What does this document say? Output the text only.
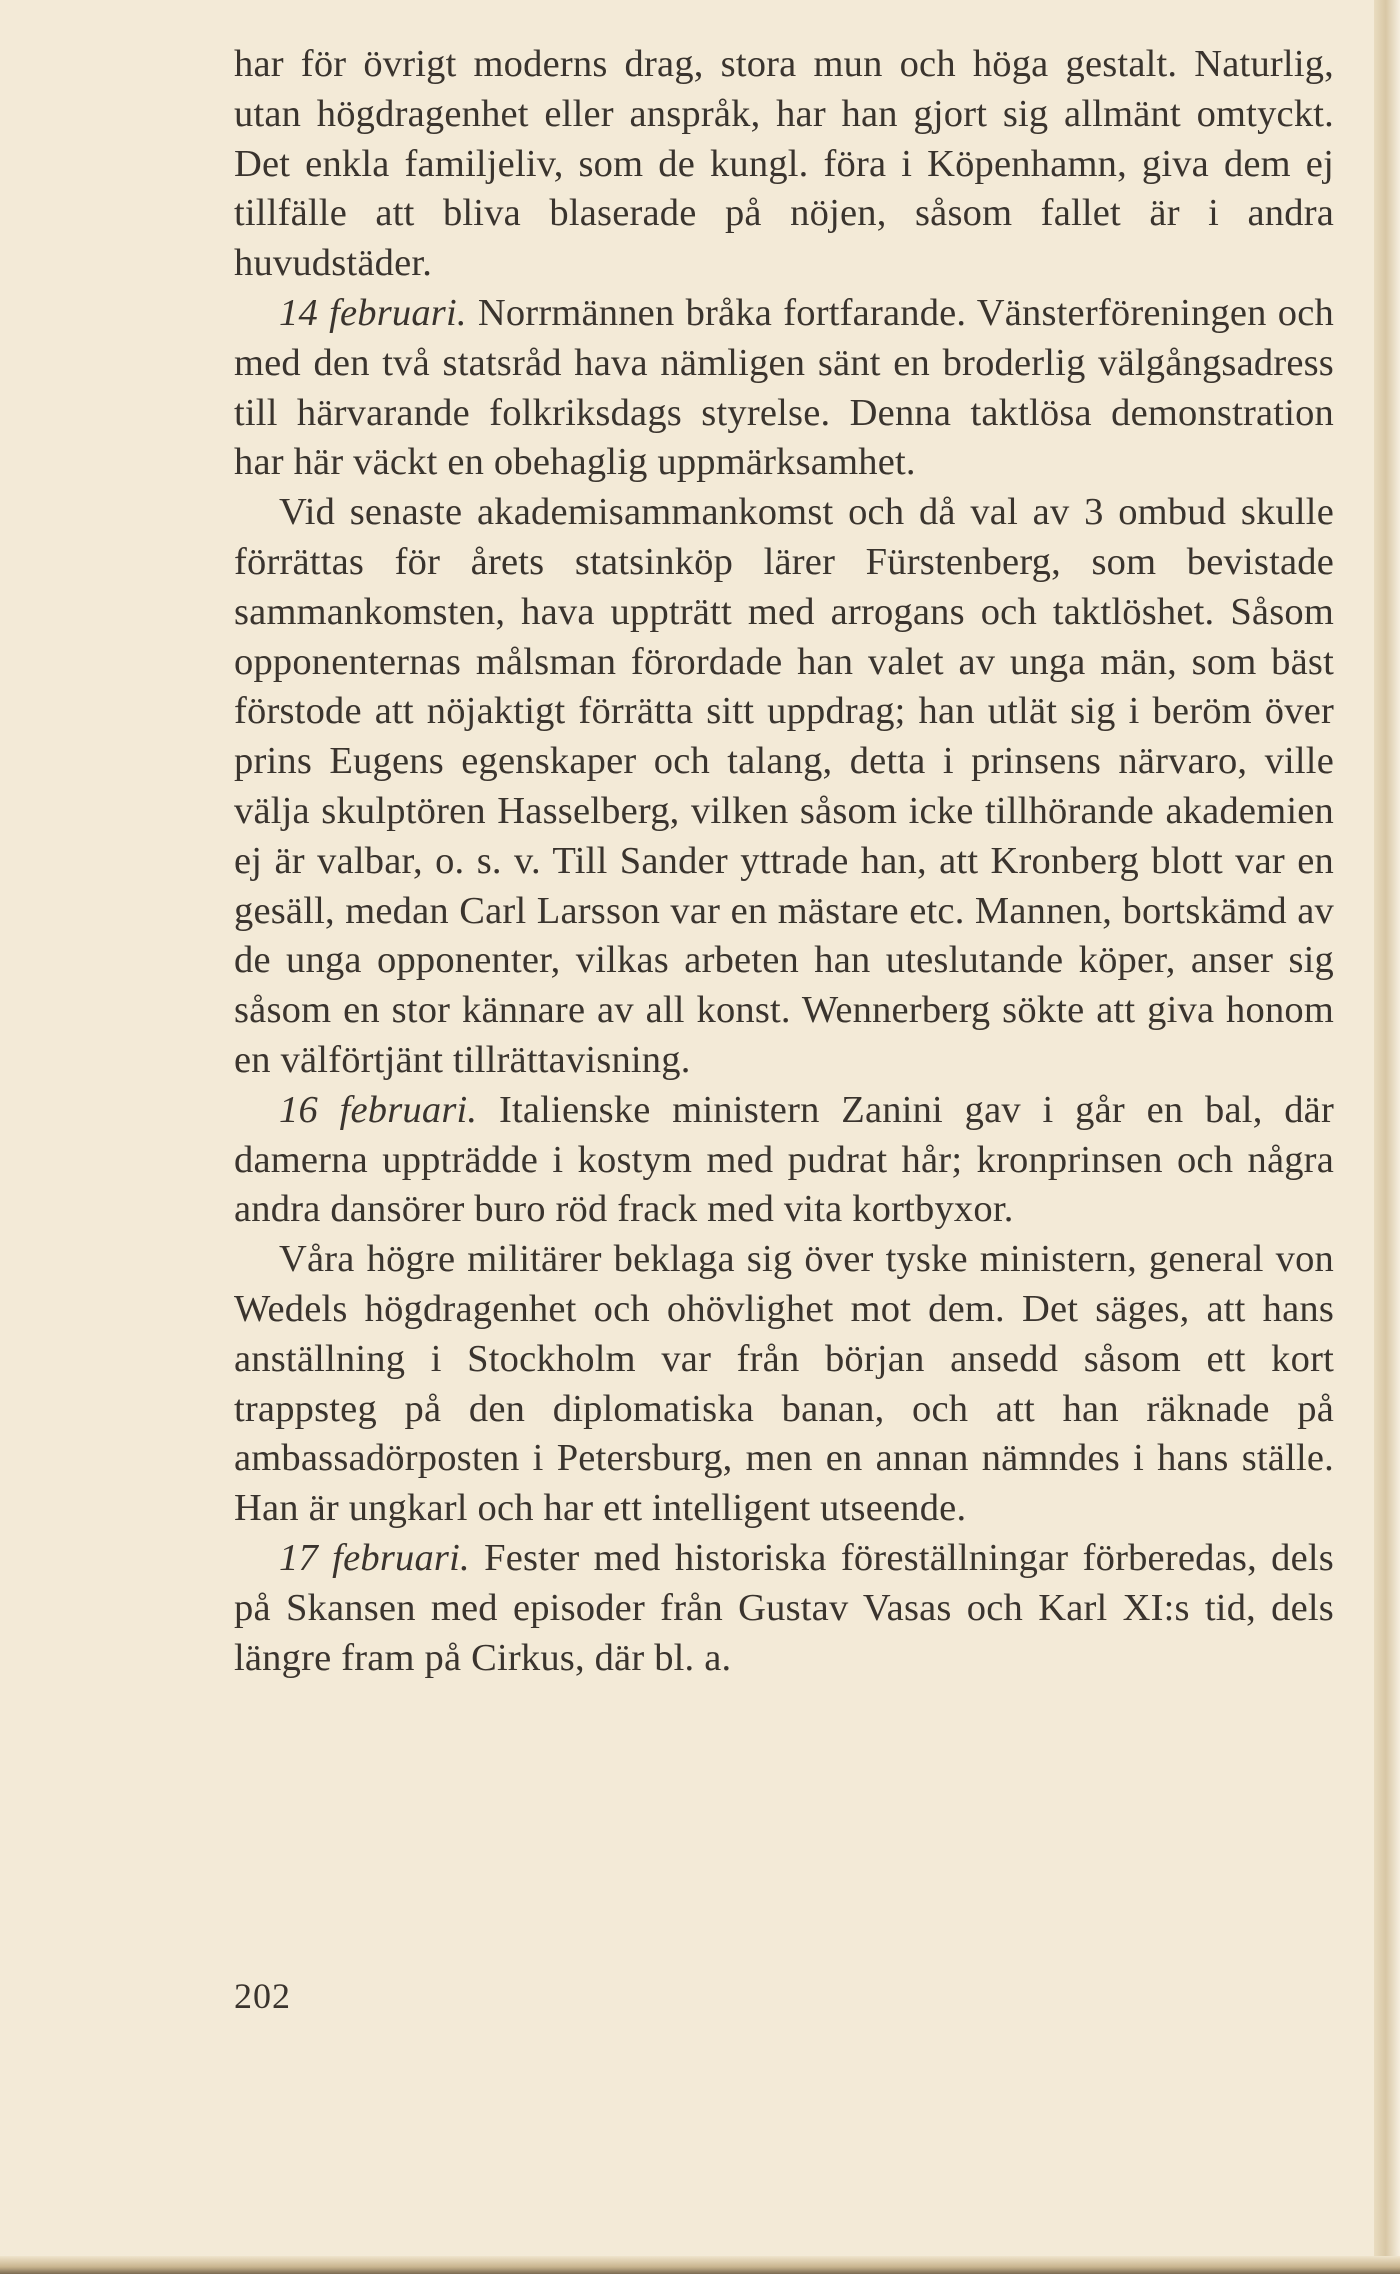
har för övrigt moderns drag, stora mun och höga gestalt. Naturlig, utan högdragenhet eller anspråk, har han gjort sig allmänt omtyckt. Det enkla familjeliv, som de kungl. föra i Köpenhamn, giva dem ej tillfälle att bliva blaserade på nöjen, såsom fallet är i andra huvudstäder.

14 februari. Norrmännen bråka fortfarande. Vänsterföreningen och med den två statsråd hava nämligen sänt en broderlig välgångsadress till härvarande folkriksdags styrelse. Denna taktlösa demonstration har här väckt en obehaglig uppmärksamhet.

Vid senaste akademisammankomst och då val av 3 ombud skulle förrättas för årets statsinköp lärer Fürstenberg, som bevistade sammankomsten, hava uppträtt med arrogans och taktlöshet. Såsom opponenternas målsman förordade han valet av unga män, som bäst förstode att nöjaktigt förrätta sitt uppdrag; han utlät sig i beröm över prins Eugens egenskaper och talang, detta i prinsens närvaro, ville välja skulptören Hasselberg, vilken såsom icke tillhörande akademien ej är valbar, o. s. v. Till Sander yttrade han, att Kronberg blott var en gesäll, medan Carl Larsson var en mästare etc. Mannen, bortskämd av de unga opponenter, vilkas arbeten han uteslutande köper, anser sig såsom en stor kännare av all konst. Wennerberg sökte att giva honom en välförtjänt tillrättavisning.

16 februari. Italienske ministern Zanini gav i går en bal, där damerna uppträdde i kostym med pudrat hår; kronprinsen och några andra dansörer buro röd frack med vita kortbyxor.

Våra högre militärer beklaga sig över tyske ministern, general von Wedels högdragenhet och ohövlighet mot dem. Det säges, att hans anställning i Stockholm var från början ansedd såsom ett kort trappsteg på den diplomatiska banan, och att han räknade på ambassadörposten i Petersburg, men en annan nämndes i hans ställe. Han är ungkarl och har ett intelligent utseende.

17 februari. Fester med historiska föreställningar förberedas, dels på Skansen med episoder från Gustav Vasas och Karl XI:s tid, dels längre fram på Cirkus, där bl. a.

202
